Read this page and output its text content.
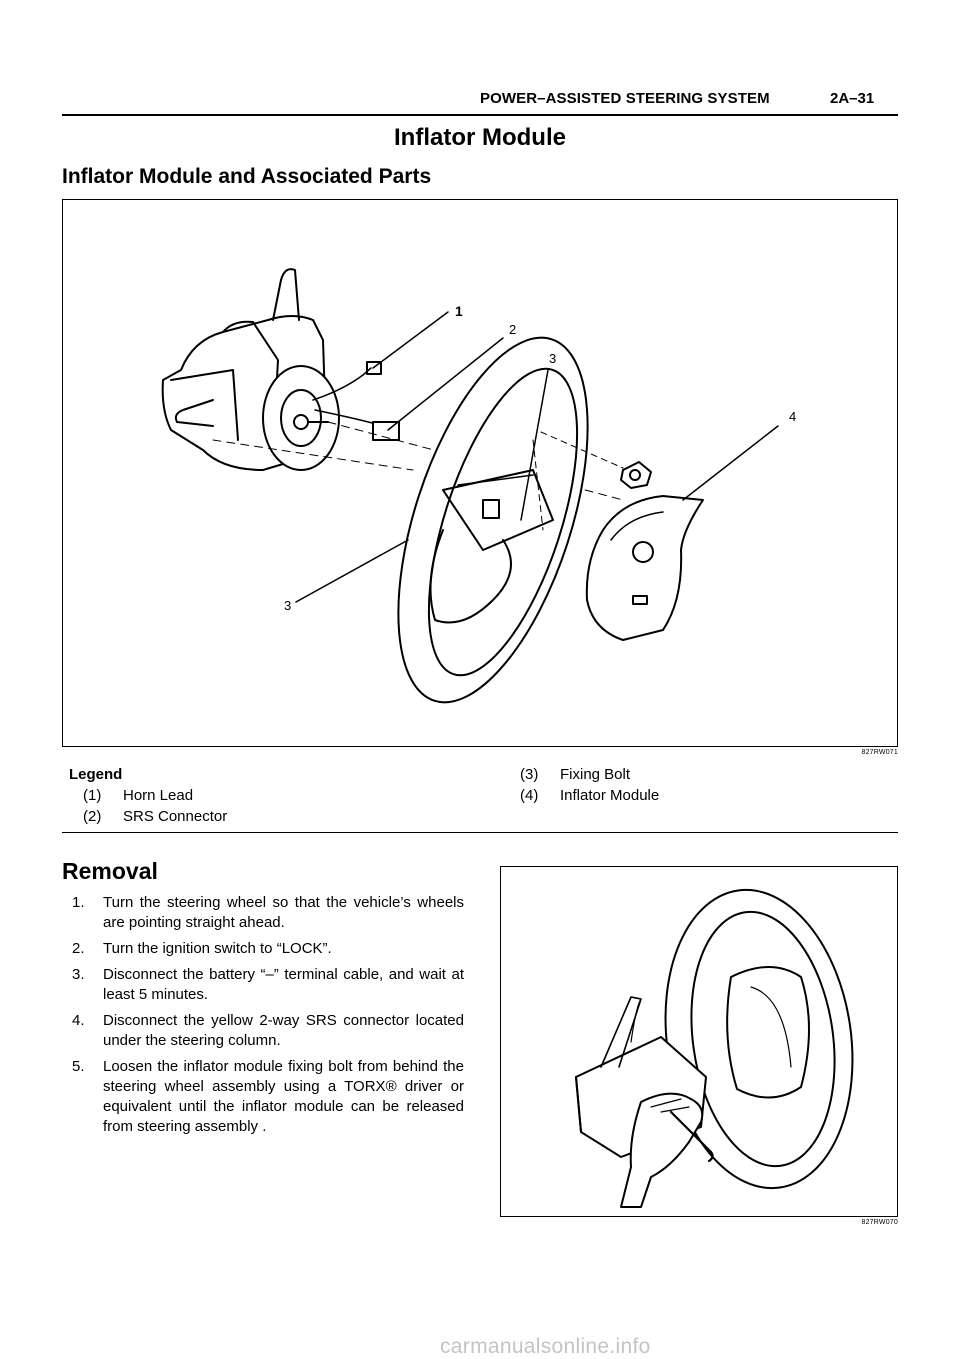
POWER–ASSISTED STEERING SYSTEM	2A–31
Inflator Module
Inflator Module and Associated Parts
1
2
3
4
3
827RW071
Legend
(1) Horn Lead
(2) SRS Connector
(3) Fixing Bolt
(4) Inflator Module
Removal
1. Turn the steering wheel so that the vehicle’s wheels are pointing straight ahead.
2. Turn the ignition switch to “LOCK”.
3. Disconnect the battery “–” terminal cable, and wait at least 5 minutes.
4. Disconnect the yellow 2-way SRS connector located under the steering column.
5. Loosen the inflator module fixing bolt from behind the steering wheel assembly using a TORX® driver or equivalent until the inflator module can be released from steering assembly .
827RW070
carmanualsonline.info
